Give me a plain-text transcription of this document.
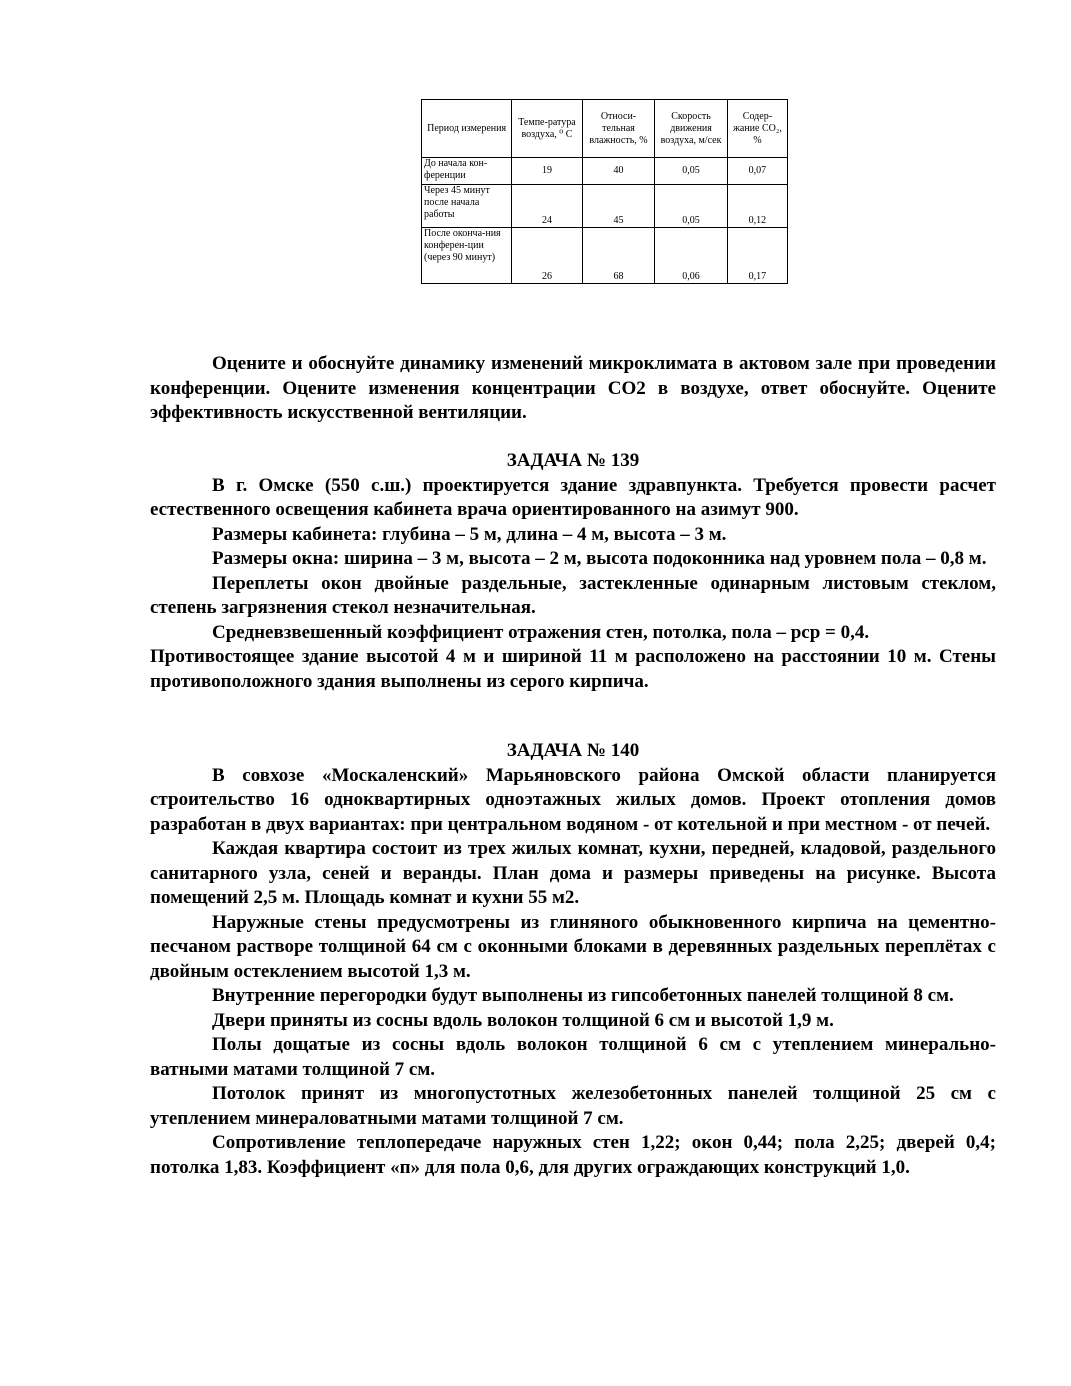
Период измерения	Темпе-ратура воздуха, ⁰ С	Относи-тельная влажность, %	Скорость движения воздуха, м/сек	Содер-жание CO₂, %
До начала кон-ференции	19	40	0,05	0,07
Через 45 минут после начала работы	24	45	0,05	0,12
После оконча-ния конферен-ции (через 90 минут)	26	68	0,06	0,17

Оцените и обоснуйте динамику изменений микроклимата в актовом зале при проведении конференции. Оцените изменения концентрации CO2 в воздухе, ответ обоснуйте. Оцените эффективность искусственной вентиляции.

ЗАДАЧА № 139

В г. Омске (550 с.ш.) проектируется здание здравпункта. Требуется провести расчет естественного освещения кабинета врача ориентированного на азимут 900.

Размеры кабинета: глубина – 5 м, длина – 4 м, высота – 3 м.

Размеры окна: ширина – 3 м, высота – 2 м, высота подоконника над уровнем пола – 0,8 м.

Переплеты окон двойные раздельные, застекленные одинарным листовым стеклом, степень загрязнения стекол незначительная.

Средневзвешенный коэффициент отражения стен, потолка, пола – рср = 0,4.

Противостоящее здание высотой 4 м и шириной 11 м расположено на расстоянии 10 м. Стены противоположного здания выполнены из серого кирпича.

ЗАДАЧА № 140

В совхозе «Москаленский» Марьяновского района Омской области планируется строительство 16 одноквартирных одноэтажных жилых домов. Проект отопления домов разработан в двух вариантах: при центральном водяном - от котельной и при местном - от печей.

Каждая квартира состоит из трех жилых комнат, кухни, передней, кладовой, раздельного санитарного узла, сеней и веранды. План дома и размеры приведены на рисунке. Высота помещений 2,5 м. Площадь комнат и кухни 55 м2.

Наружные стены предусмотрены из глиняного обыкновенного кирпича на цементно-песчаном растворе толщиной 64 см с оконными блоками в деревянных раздельных переплётах с двойным остеклением высотой 1,3 м.

Внутренние перегородки будут выполнены из гипсобетонных панелей толщиной 8 см.

Двери приняты из сосны вдоль волокон толщиной 6 см и высотой 1,9 м.

Полы дощатые из сосны вдоль волокон толщиной 6 см с утеплением минерально-ватными матами толщиной 7 см.

Потолок принят из многопустотных железобетонных панелей толщиной 25 см с утеплением минераловатными матами толщиной 7 см.

Сопротивление теплопередаче наружных стен 1,22; окон 0,44; пола 2,25; дверей 0,4; потолка 1,83. Коэффициент «п» для пола 0,6, для других ограждающих конструкций 1,0.
